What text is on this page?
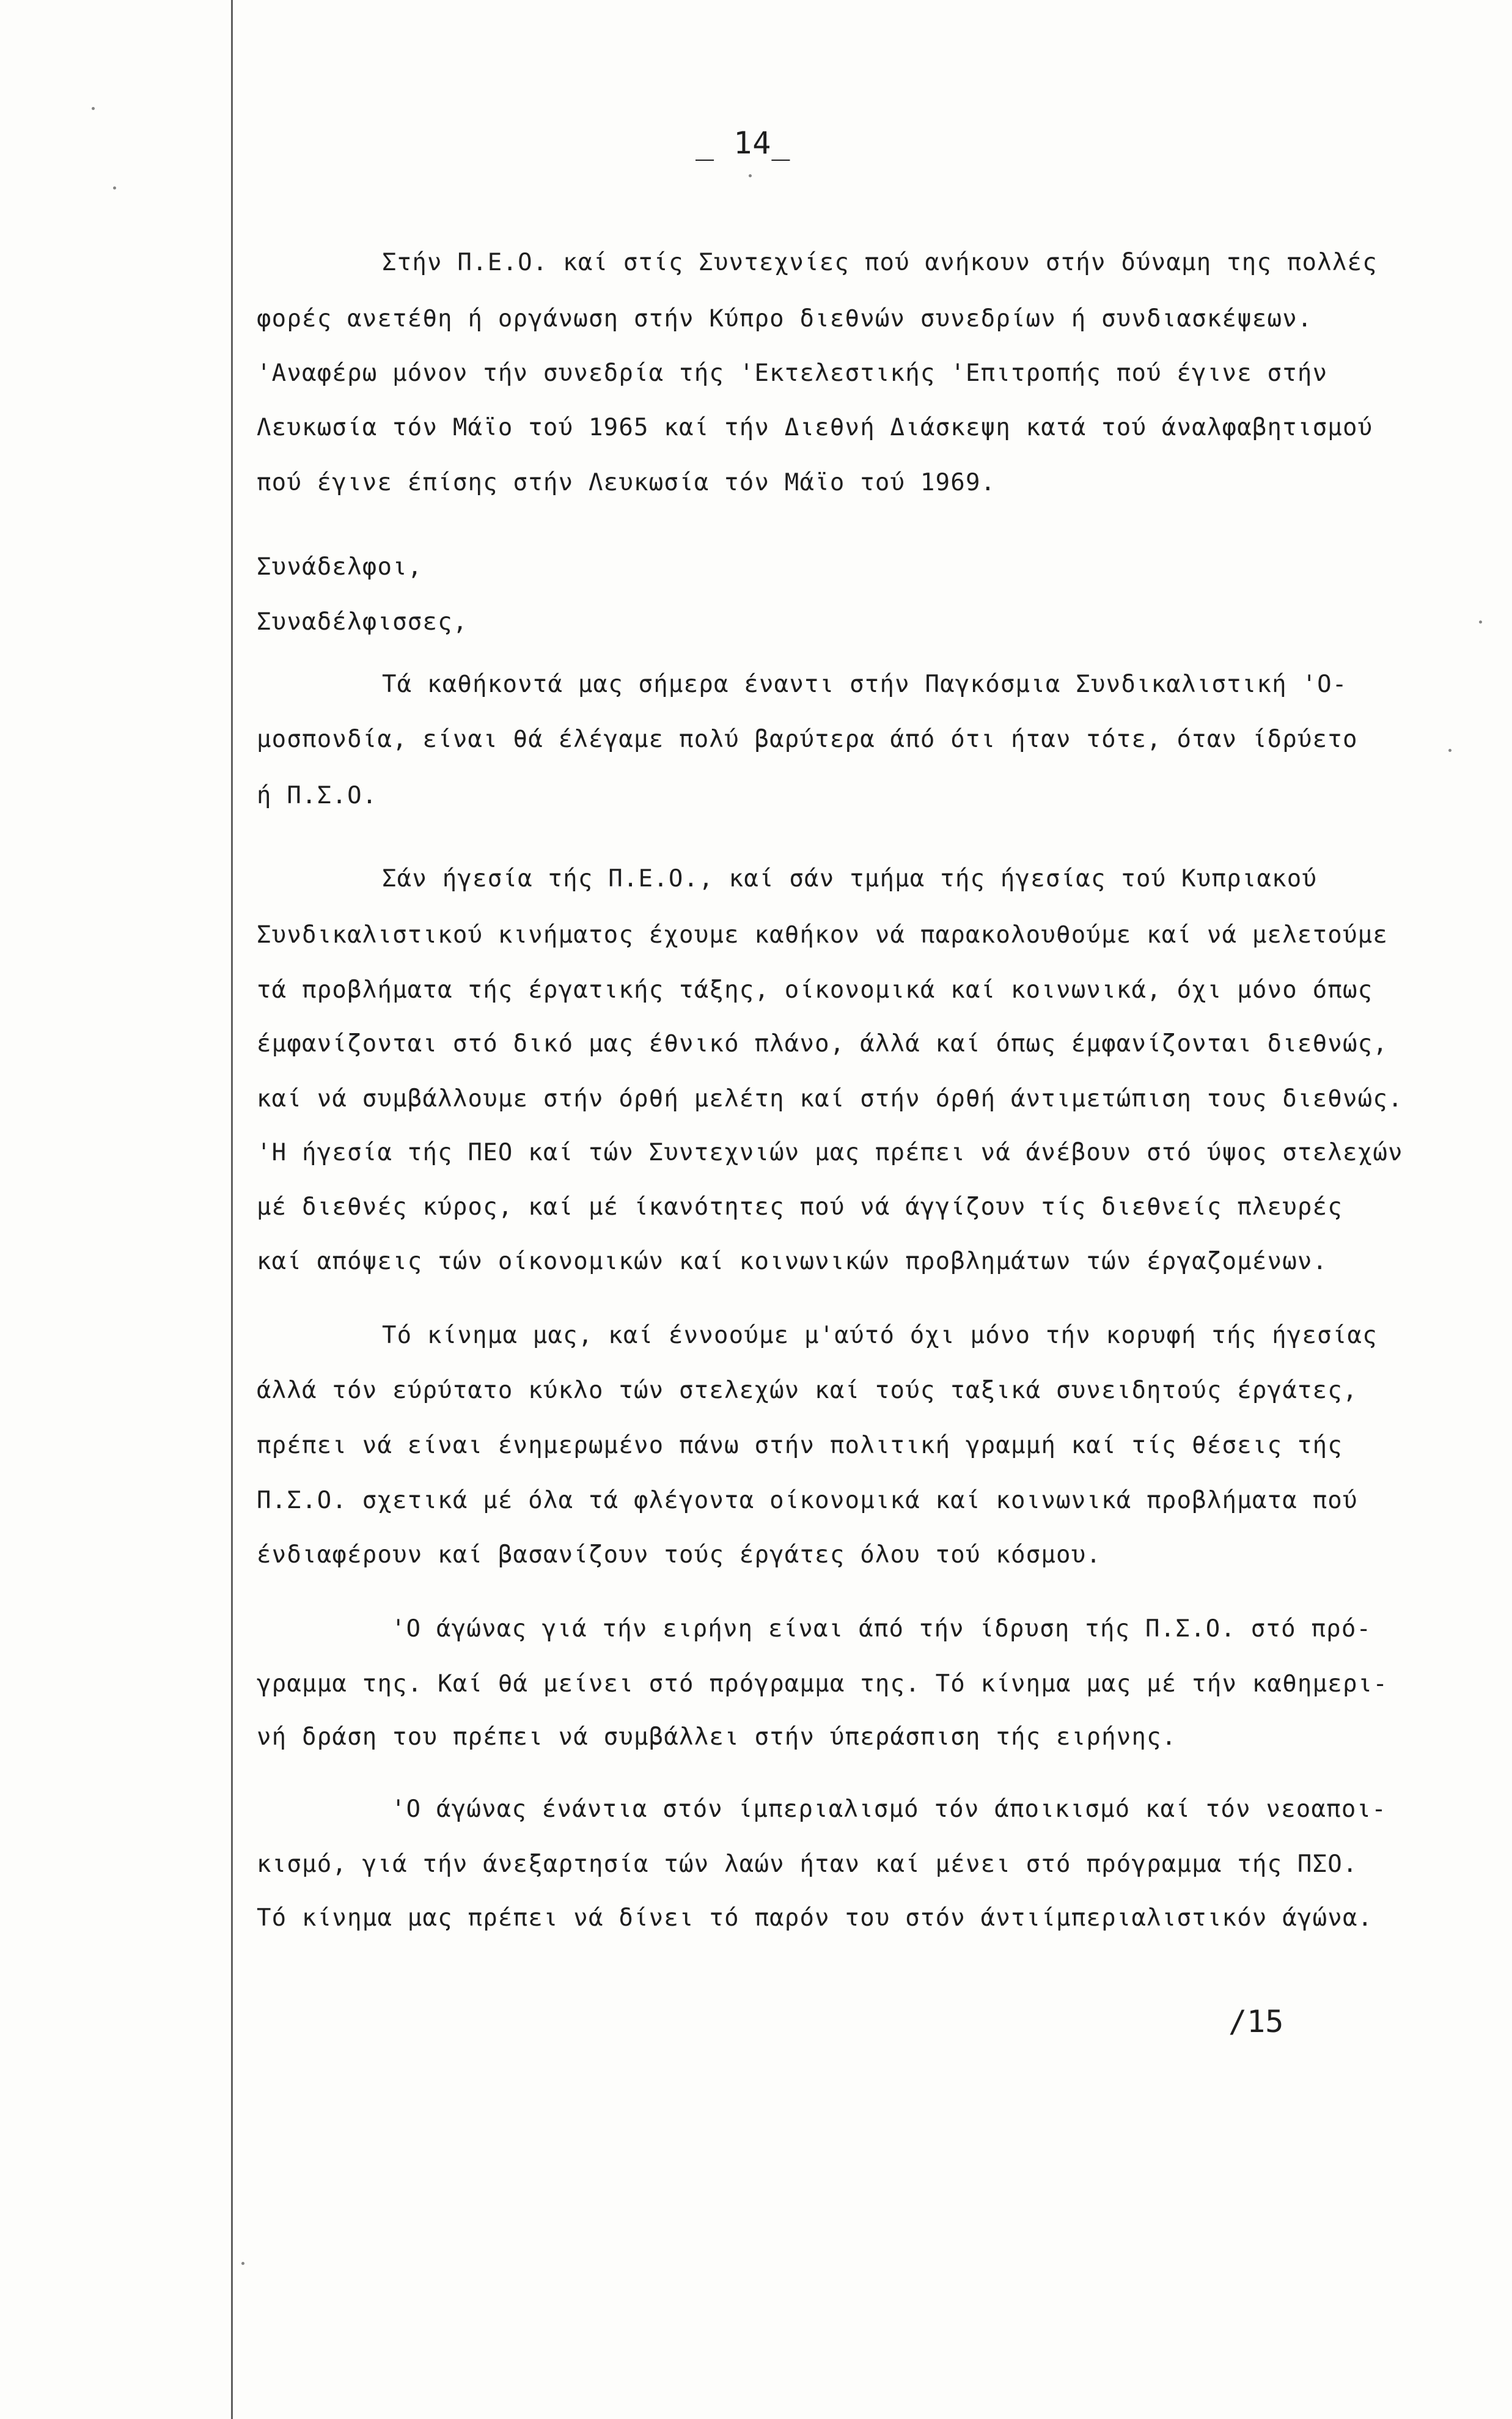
_ 14_
Στήν Π.Ε.Ο. καί στίς Συντεχνίες πού ανήκουν στήν δύναμη της πολλές
φορές ανετέθη ή οργάνωση στήν Κύπρο διεθνών συνεδρίων ή συνδιασκέψεων.
'Αναφέρω μόνον τήν συνεδρία τής 'Εκτελεστικής 'Επιτροπής πού έγινε στήν
Λευκωσία τόν Μάϊο τού 1965 καί τήν Διεθνή Διάσκεψη κατά τού άναλφαβητισμού
πού έγινε έπίσης στήν Λευκωσία τόν Μάϊο τού 1969.
Συνάδελφοι,
Συναδέλφισσες,
Τά καθήκοντά μας σήμερα έναντι στήν Παγκόσμια Συνδικαλιστική 'Ο-
μοσπονδία, είναι θά έλέγαμε πολύ βαρύτερα άπό ότι ήταν τότε, όταν ίδρύετο
ή Π.Σ.Ο.
Σάν ήγεσία τής Π.Ε.Ο., καί σάν τμήμα τής ήγεσίας τού Κυπριακού
Συνδικαλιστικού κινήματος έχουμε καθήκον νά παρακολουθούμε καί νά μελετούμε
τά προβλήματα τής έργατικής τάξης, οίκονομικά καί κοινωνικά, όχι μόνο όπως
έμφανίζονται στό δικό μας έθνικό πλάνο, άλλά καί όπως έμφανίζονται διεθνώς,
καί νά συμβάλλουμε στήν όρθή μελέτη καί στήν όρθή άντιμετώπιση τους διεθνώς.
'Η ήγεσία τής ΠΕΟ καί τών Συντεχνιών μας πρέπει νά άνέβουν στό ύψος στελεχών
μέ διεθνές κύρος, καί μέ ίκανότητες πού νά άγγίζουν τίς διεθνείς πλευρές
καί απόψεις τών οίκονομικών καί κοινωνικών προβλημάτων τών έργαζομένων.
Τό κίνημα μας, καί έννοούμε μ'αύτό όχι μόνο τήν κορυφή τής ήγεσίας
άλλά τόν εύρύτατο κύκλο τών στελεχών καί τούς ταξικά συνειδητούς έργάτες,
πρέπει νά είναι ένημερωμένο πάνω στήν πολιτική γραμμή καί τίς θέσεις τής
Π.Σ.Ο. σχετικά μέ όλα τά φλέγοντα οίκονομικά καί κοινωνικά προβλήματα πού
ένδιαφέρουν καί βασανίζουν τούς έργάτες όλου τού κόσμου.
'Ο άγώνας γιά τήν ειρήνη είναι άπό τήν ίδρυση τής Π.Σ.Ο. στό πρό-
γραμμα της. Καί θά μείνει στό πρόγραμμα της. Τό κίνημα μας μέ τήν καθημερι-
νή δράση του πρέπει νά συμβάλλει στήν ύπεράσπιση τής ειρήνης.
'Ο άγώνας ένάντια στόν ίμπεριαλισμό τόν άποικισμό καί τόν νεοαποι-
κισμό, γιά τήν άνεξαρτησία τών λαών ήταν καί μένει στό πρόγραμμα τής ΠΣΟ.
Τό κίνημα μας πρέπει νά δίνει τό παρόν του στόν άντιίμπεριαλιστικόν άγώνα.
/15
